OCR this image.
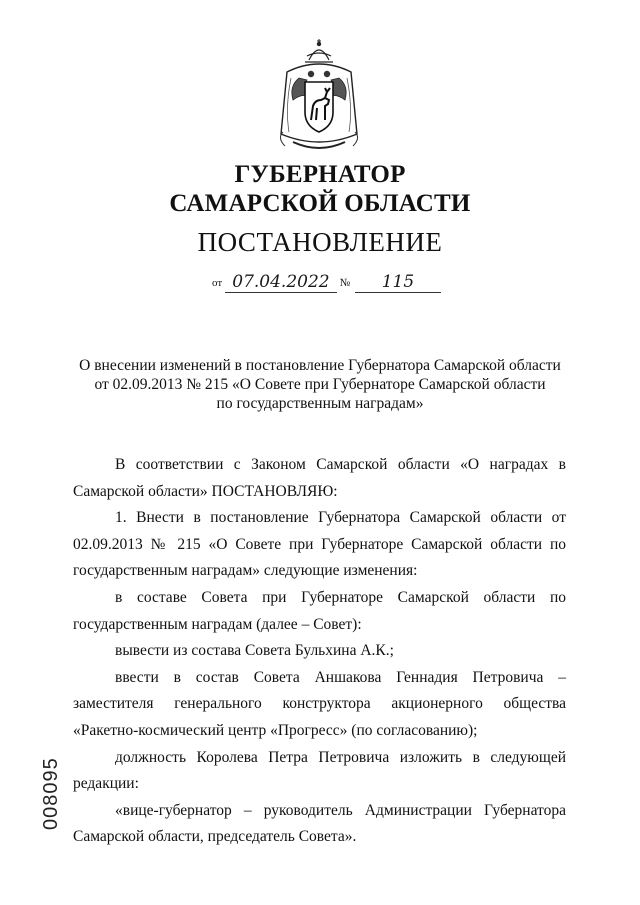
ГУБЕРНАТОР
САМАРСКОЙ ОБЛАСТИ
ПОСТАНОВЛЕНИЕ
от 07.04.2022 № 115
О внесении изменений в постановление Губернатора Самарской области
от 02.09.2013 № 215 «О Совете при Губернаторе Самарской области
по государственным наградам»

В соответствии с Законом Самарской области «О наградах в Самарской области» ПОСТАНОВЛЯЮ:

1. Внести в постановление Губернатора Самарской области от 02.09.2013 № 215 «О Совете при Губернаторе Самарской области по государственным наградам» следующие изменения:

в составе Совета при Губернаторе Самарской области по государственным наградам (далее – Совет):

вывести из состава Совета Бульхина А.К.;

ввести в состав Совета Аншакова Геннадия Петровича – заместителя генерального конструктора акционерного общества «Ракетно-космический центр «Прогресс» (по согласованию);

должность Королева Петра Петровича изложить в следующей редакции:

«вице-губернатор – руководитель Администрации Губернатора Самарской области, председатель Совета».

008095
